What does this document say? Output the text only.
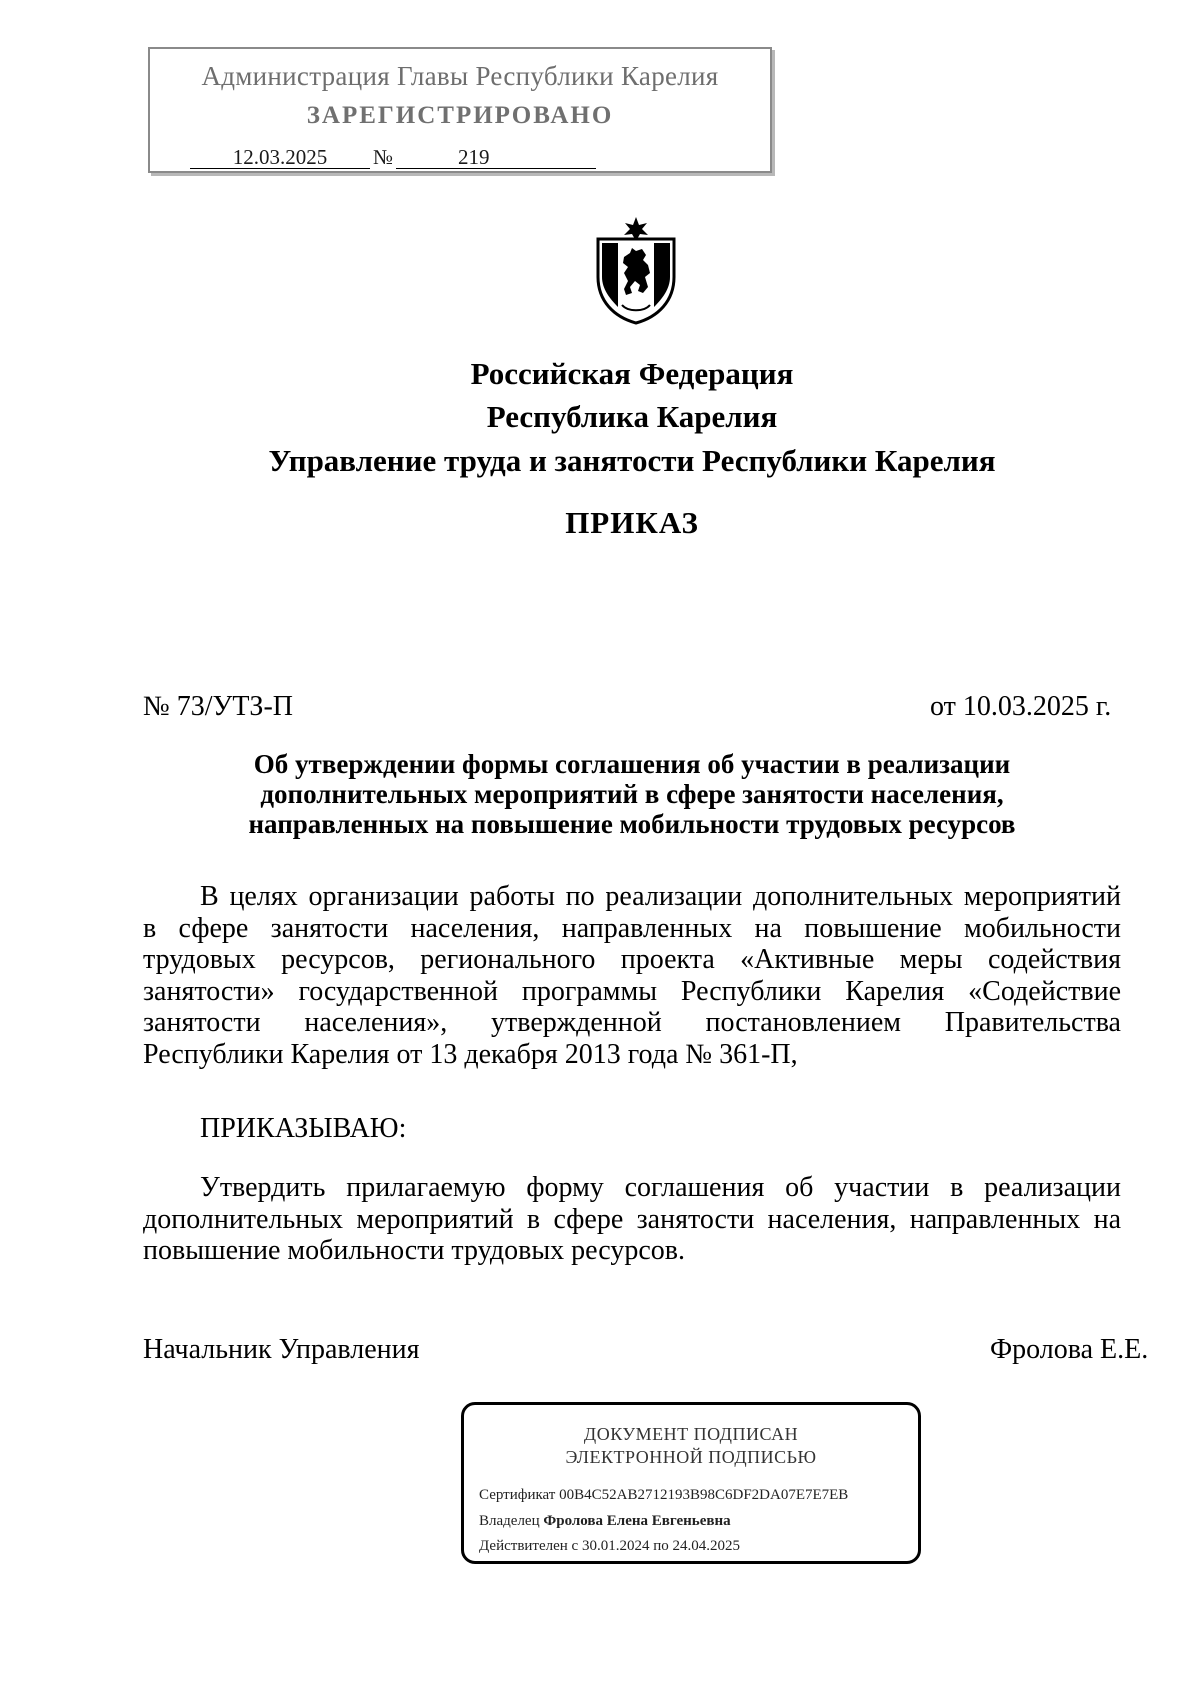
Администрация Главы Республики Карелия
ЗАРЕГИСТРИРОВАНО
12.03.2025 №	219
Российская Федерация
Республика Карелия
Управление труда и занятости Республики Карелия
ПРИКАЗ
№ 73/УТЗ-П	от 10.03.2025 г.
Об утверждении формы соглашения об участии в реализации
дополнительных мероприятий в сфере занятости населения,
направленных на повышение мобильности трудовых ресурсов
В целях организации работы по реализации дополнительных мероприятий
в сфере занятости населения, направленных на повышение мобильности
трудовых ресурсов, регионального проекта «Активные меры содействия
занятости» государственной программы Республики Карелия «Содействие
занятости населения», утвержденной постановлением Правительства
Республики Карелия от 13 декабря 2013 года № 361-П,
ПРИКАЗЫВАЮ:
Утвердить прилагаемую форму соглашения об участии в реализации
дополнительных мероприятий в сфере занятости населения, направленных на
повышение мобильности трудовых ресурсов.
Начальник Управления	Фролова Е.Е.
ДОКУМЕНТ ПОДПИСАН
ЭЛЕКТРОННОЙ ПОДПИСЬЮ
Сертификат 00B4C52AB2712193B98C6DF2DA07E7E7EB
Владелец Фролова Елена Евгеньевна
Действителен с 30.01.2024 по 24.04.2025
